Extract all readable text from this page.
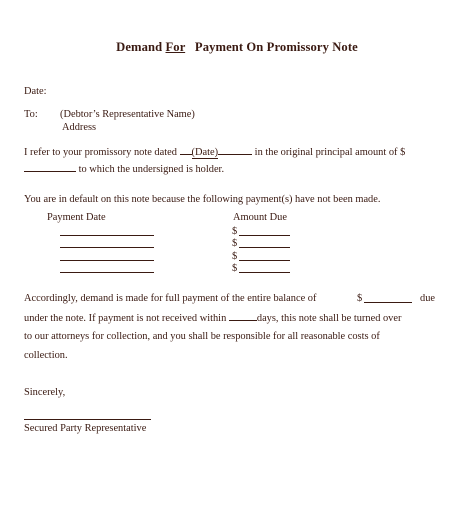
Demand For   Payment On Promissory Note
Date:
To: (Debtor’s Representative Name)
Address
I refer to your promissory note dated (Date)	in the original principal amount of $
to which the undersigned is holder.
You are in default on this note because the following payment(s) have not been made.
Payment Date	Amount Due
$
$
$
$
Accordingly, demand is made for full payment of the entire balance of	$	due
under the note. If payment is not received within	days, this note shall be turned over
to our attorneys for collection, and you shall be responsible for all reasonable costs of
collection.
Sincerely,
Secured Party Representative
